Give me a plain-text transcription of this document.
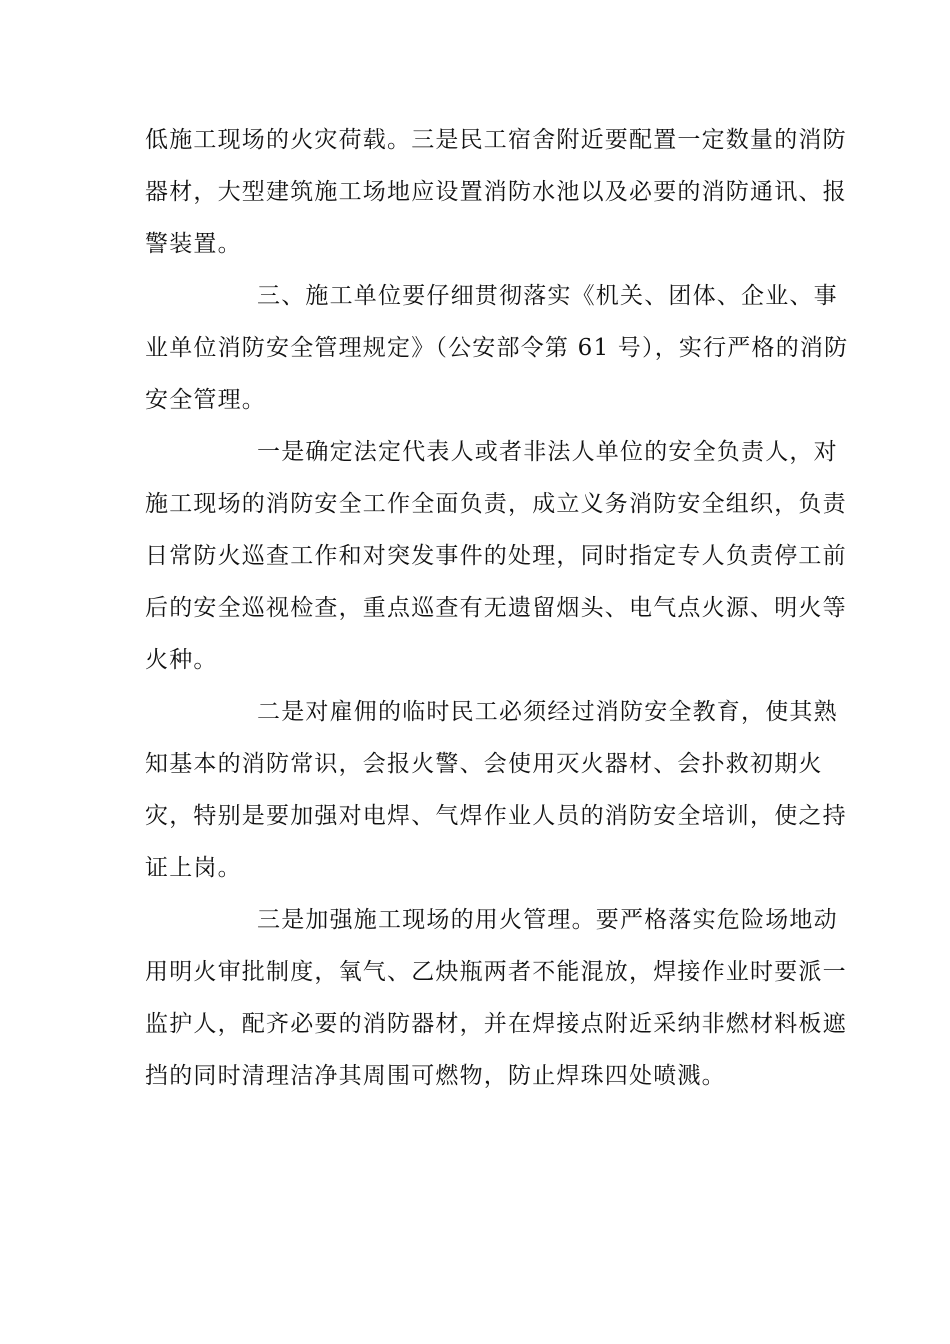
低施工现场的火灾荷载。三是民工宿舍附近要配置一定数量的消防
器材，大型建筑施工场地应设置消防水池以及必要的消防通讯、报
警装置。

三、施工单位要仔细贯彻落实《机关、团体、企业、事
业单位消防安全管理规定》（公安部令第 61 号），实行严格的消防
安全管理。

一是确定法定代表人或者非法人单位的安全负责人，对
施工现场的消防安全工作全面负责，成立义务消防安全组织，负责
日常防火巡查工作和对突发事件的处理，同时指定专人负责停工前
后的安全巡视检查，重点巡查有无遗留烟头、电气点火源、明火等
火种。

二是对雇佣的临时民工必须经过消防安全教育，使其熟
知基本的消防常识，会报火警、会使用灭火器材、会扑救初期火
灾，特别是要加强对电焊、气焊作业人员的消防安全培训，使之持
证上岗。

三是加强施工现场的用火管理。要严格落实危险场地动
用明火审批制度，氧气、乙炔瓶两者不能混放，焊接作业时要派一
监护人，配齐必要的消防器材，并在焊接点附近采纳非燃材料板遮
挡的同时清理洁净其周围可燃物，防止焊珠四处喷溅。
